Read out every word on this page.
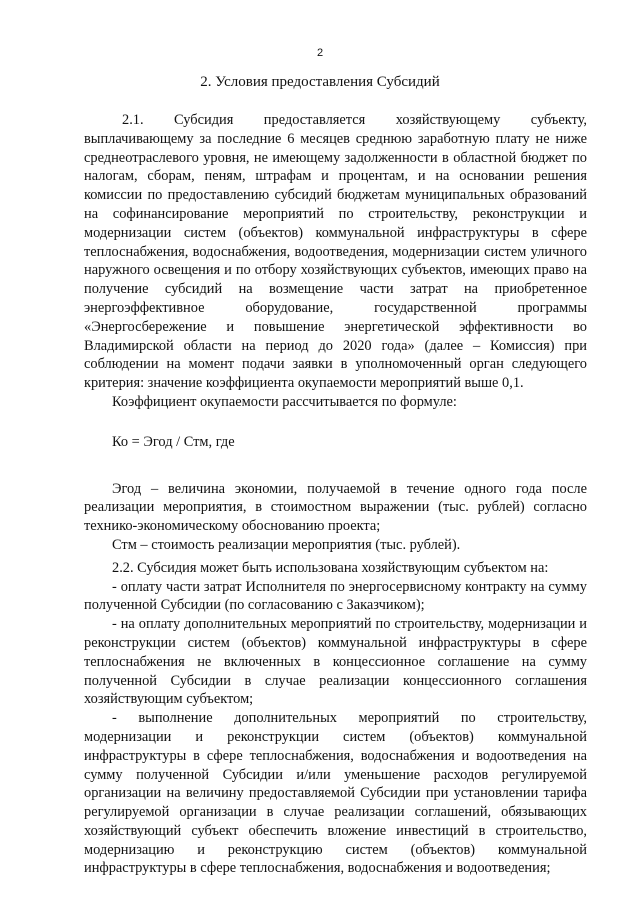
2
2. Условия предоставления Субсидий

2.1. Субсидия предоставляется хозяйствующему субъекту, выплачивающему за последние 6 месяцев среднюю заработную плату не ниже среднеотраслевого уровня, не имеющему задолженности в областной бюджет по налогам, сборам, пеням, штрафам и процентам, и на основании решения комиссии по предоставлению субсидий бюджетам муниципальных образований на софинансирование мероприятий по строительству, реконструкции и модернизации систем (объектов) коммунальной инфраструктуры в сфере теплоснабжения, водоснабжения, водоотведения, модернизации систем уличного наружного освещения и по отбору хозяйствующих субъектов, имеющих право на получение субсидий на возмещение части затрат на приобретенное энергоэффективное оборудование, государственной программы «Энергосбережение и повышение энергетической эффективности во Владимирской области на период до 2020 года» (далее – Комиссия) при соблюдении на момент подачи заявки в уполномоченный орган следующего критерия: значение коэффициента окупаемости мероприятий выше 0,1.

Коэффициент окупаемости рассчитывается по формуле:

Ко = Эгод / Стм, где

Эгод – величина экономии, получаемой в течение одного года после реализации мероприятия, в стоимостном выражении (тыс. рублей) согласно технико-экономическому обоснованию проекта;

Стм – стоимость реализации мероприятия (тыс. рублей).

2.2. Субсидия может быть использована хозяйствующим субъектом на:

- оплату части затрат Исполнителя по энергосервисному контракту на сумму полученной Субсидии (по согласованию с Заказчиком);

- на оплату дополнительных мероприятий по строительству, модернизации и реконструкции систем (объектов) коммунальной инфраструктуры в сфере теплоснабжения не включенных в концессионное соглашение на сумму полученной Субсидии в случае реализации концессионного соглашения хозяйствующим субъектом;

- выполнение дополнительных мероприятий по строительству, модернизации и реконструкции систем (объектов) коммунальной инфраструктуры в сфере теплоснабжения, водоснабжения и водоотведения на сумму полученной Субсидии и/или уменьшение расходов регулируемой организации на величину предоставляемой Субсидии при установлении тарифа регулируемой организации в случае реализации соглашений, обязывающих хозяйствующий субъект обеспечить вложение инвестиций в строительство, модернизацию и реконструкцию систем (объектов) коммунальной инфраструктуры в сфере теплоснабжения, водоснабжения и водоотведения;
